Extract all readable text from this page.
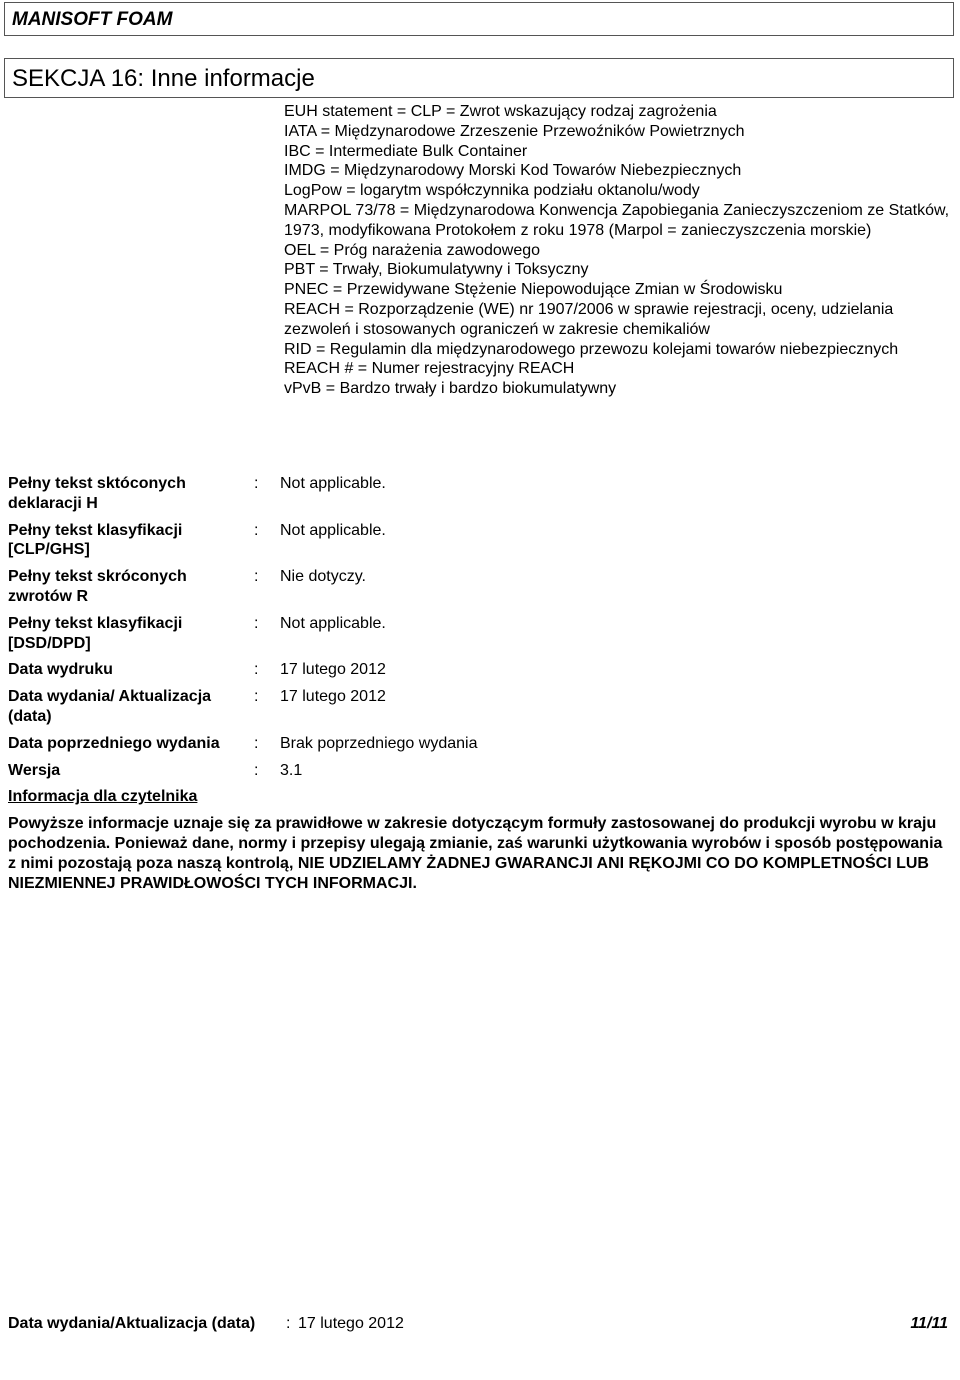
MANISOFT FOAM
SEKCJA 16: Inne informacje

EUH statement = CLP = Zwrot wskazujący rodzaj zagrożenia

IATA = Międzynarodowe Zrzeszenie Przewoźników Powietrznych

IBC = Intermediate Bulk Container

IMDG = Międzynarodowy Morski Kod Towarów Niebezpiecznych

LogPow = logarytm współczynnika podziału oktanolu/wody

MARPOL 73/78 = Międzynarodowa Konwencja Zapobiegania Zanieczyszczeniom ze Statków, 1973, modyfikowana Protokołem z roku 1978 (Marpol = zanieczyszczenia morskie)

OEL = Próg narażenia zawodowego

PBT = Trwały, Biokumulatywny i Toksyczny

PNEC = Przewidywane Stężenie Niepowodujące Zmian w Środowisku

REACH = Rozporządzenie (WE) nr 1907/2006 w sprawie rejestracji, oceny, udzielania zezwoleń i stosowanych ograniczeń w zakresie chemikaliów

RID = Regulamin dla międzynarodowego przewozu kolejami towarów niebezpiecznych

REACH # = Numer rejestracyjny REACH

vPvB = Bardzo trwały i bardzo biokumulatywny

Pełny tekst sktóconych deklaracji H
:	Not applicable.
Pełny tekst klasyfikacji [CLP/GHS]
:	Not applicable.
Pełny tekst skróconych zwrotów R
:	Nie dotyczy.
Pełny tekst klasyfikacji [DSD/DPD]
:	Not applicable.
Data wydruku	:	17 lutego 2012
Data wydania/ Aktualizacja (data)
:	17 lutego 2012
Data poprzedniego wydania	:	Brak poprzedniego wydania
Wersja	:	3.1
Informacja dla czytelnika

Powyższe informacje uznaje się za prawidłowe w zakresie dotyczącym formuły zastosowanej do produkcji wyrobu w kraju pochodzenia. Ponieważ dane, normy i przepisy ulegają zmianie, zaś warunki użytkowania wyrobów i sposób postępowania z nimi pozostają poza naszą kontrolą, NIE UDZIELAMY ŻADNEJ GWARANCJI ANI RĘKOJMI CO DO KOMPLETNOŚCI LUB NIEZMIENNEJ PRAWIDŁOWOŚCI TYCH INFORMACJI.

Data wydania/Aktualizacja (data) : 17 lutego 2012	11/11
